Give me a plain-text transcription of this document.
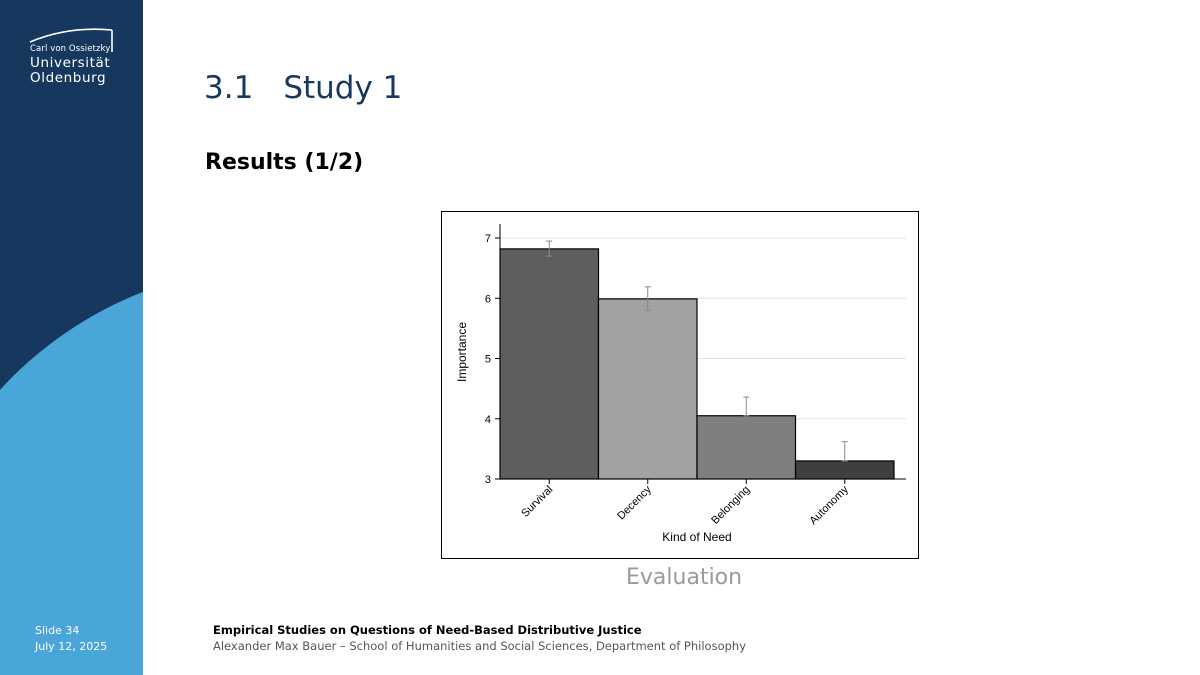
Carl von Ossietzky
Universität
Oldenburg
Slide 34
July 12, 2025
3.1 Study 1
Results (1/2)
3
4
5
6
7
Survival	Decency	Belonging	Autonomy
Kind of Need
Importance
Evaluation
Empirical Studies on Questions of Need-Based Distributive Justice
Alexander Max Bauer – School of Humanities and Social Sciences, Department of Philosophy
